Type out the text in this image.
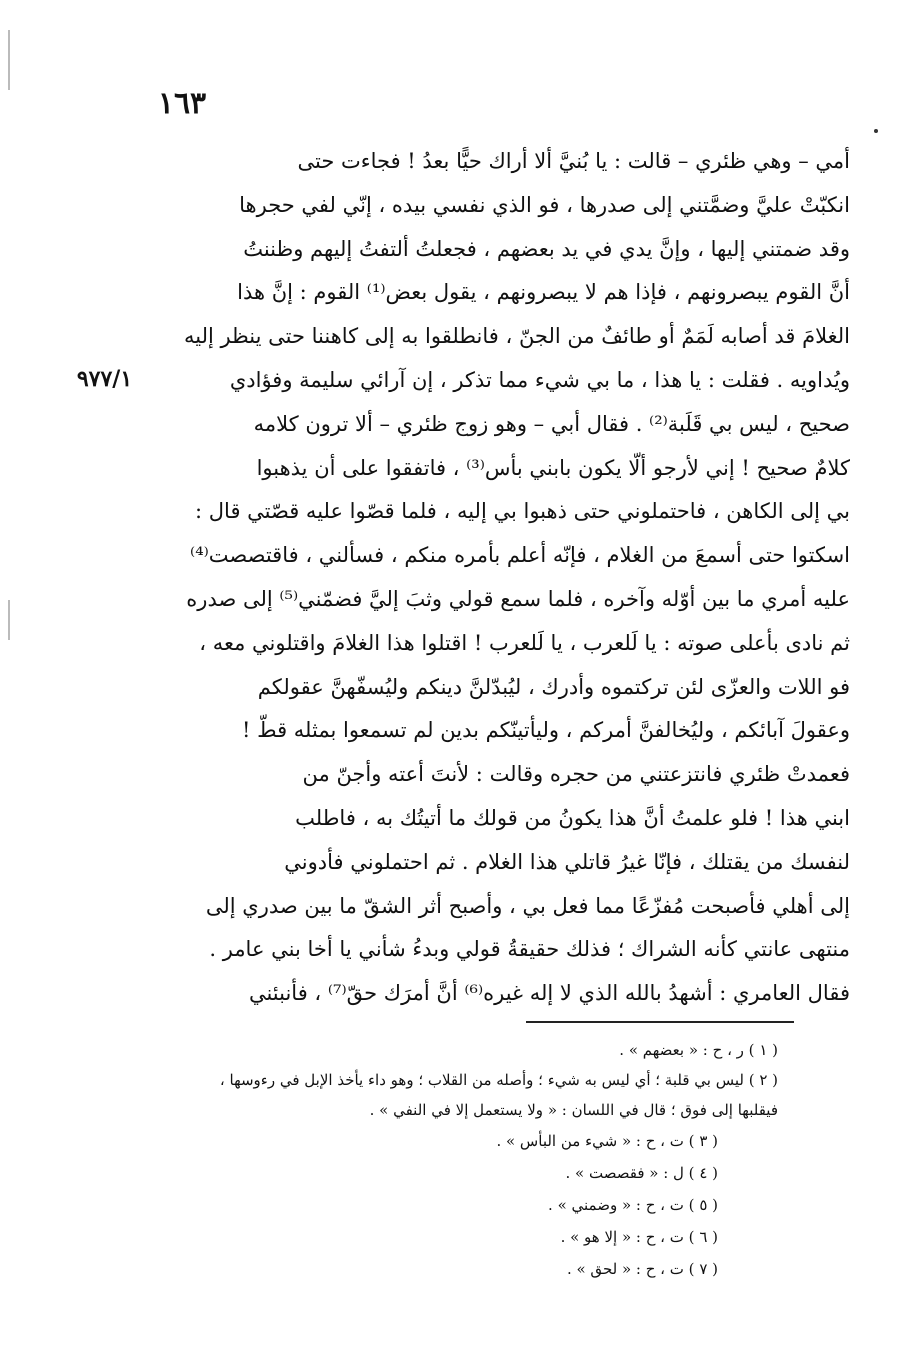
١٦٣
٩٧٧/١
أمي – وهي ظئري – قالت : يا بُنيَّ ألا أراك حيًّا بعدُ ! فجاءت حتى
انكبّتْ عليَّ وضمَّتني إلى صدرها ، فو الذي نفسي بيده ، إنّي لفي حجرها
وقد ضمتني إليها ، وإنَّ يدي في يد بعضهم ، فجعلتُ ألتفتُ إليهم وظننتُ
أنَّ القوم يبصرونهم ، فإذا هم لا يبصرونهم ، يقول بعض⁽¹⁾ القوم : إنَّ هذا
الغلامَ قد أصابه لَمَمٌ أو طائفٌ من الجنّ ، فانطلقوا به إلى كاهننا حتى ينظر إليه
ويُداويه . فقلت : يا هذا ، ما بي شيء مما تذكر ، إن آرائي سليمة وفؤادي
صحيح ، ليس بي قَلَبة⁽²⁾ . فقال أبي – وهو زوج ظئري – ألا ترون كلامه
كلامٌ صحيح ! إني لأرجو ألّا يكون بابني بأس⁽³⁾ ، فاتفقوا على أن يذهبوا
بي إلى الكاهن ، فاحتملوني حتى ذهبوا بي إليه ، فلما قصّوا عليه قصّتي قال :
اسكتوا حتى أسمعَ من الغلام ، فإنّه أعلم بأمره منكم ، فسألني ، فاقتصصت⁽⁴⁾
عليه أمري ما بين أوّله وآخره ، فلما سمع قولي وثبَ إليَّ فضمّني⁽⁵⁾ إلى صدره
ثم نادى بأعلى صوته : يا لَلعرب ، يا لَلعرب ! اقتلوا هذا الغلامَ واقتلوني معه ،
فو اللات والعزّى لئن تركتموه وأدرك ، ليُبدّلنَّ دينكم وليُسفّهنَّ عقولكم
وعقولَ آبائكم ، وليُخالفنَّ أمركم ، وليأتينّكم بدين لم تسمعوا بمثله قطّ !
فعمدتْ ظئري فانتزعتني من حجره وقالت : لأنتَ أعته وأجنّ من
ابني هذا ! فلو علمتُ أنَّ هذا يكونُ من قولك ما أتيتُك به ، فاطلب
لنفسك من يقتلك ، فإنّا غيرُ قاتلي هذا الغلام . ثم احتملوني فأدوني
إلى أهلي فأصبحت مُفزّعًا مما فعل بي ، وأصبح أثر الشقّ ما بين صدري إلى
منتهى عانتي كأنه الشراك ؛ فذلك حقيقةُ قولي وبدءُ شأني يا أخا بني عامر .
فقال العامري : أشهدُ بالله الذي لا إله غيره⁽⁶⁾ أنَّ أمرَك حقّ⁽⁷⁾ ، فأنبئني
( ١ ) ر ، ح : « بعضهم » .
( ٢ ) ليس بي قلبة ؛ أي ليس به شيء ؛ وأصله من القلاب ؛ وهو داء يأخذ الإبل في رءوسها ،
فيقلبها إلى فوق ؛ قال في اللسان : « ولا يستعمل إلا في النفي » .
( ٣ ) ت ، ح : « شيء من البأس » .
( ٤ ) ل : « فقصصت » .
( ٥ ) ت ، ح : « وضمني » .
( ٦ ) ت ، ح : « إلا هو » .
( ٧ ) ت ، ح : « لحق » .
